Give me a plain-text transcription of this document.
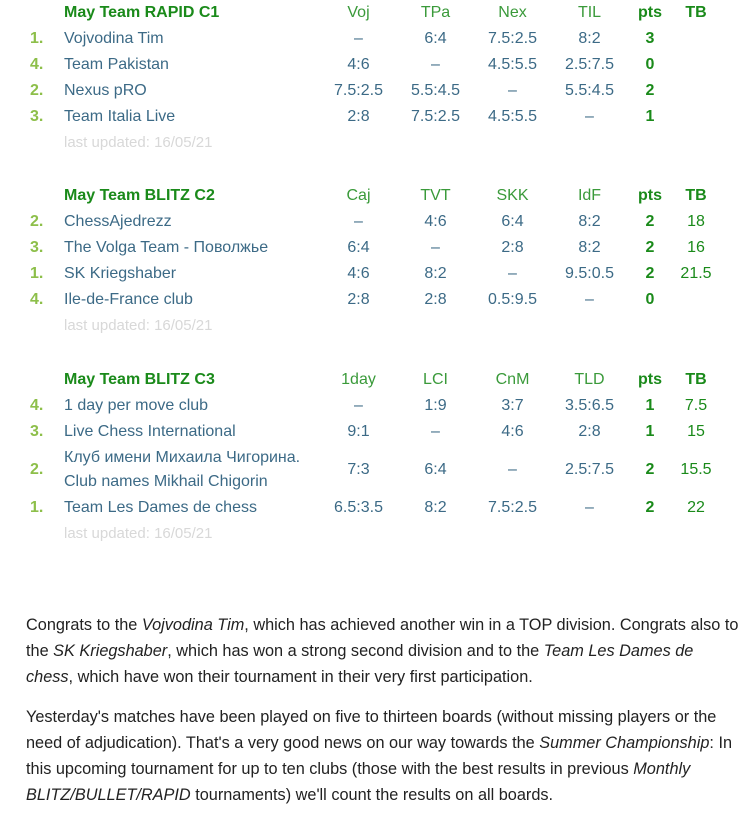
	May Team RAPID C1	Voj	TPa	Nex	TIL	pts	TB
1.	Vojvodina Tim	–	6:4	7.5:2.5	8:2	3	
4.	Team Pakistan	4:6	–	4.5:5.5	2.5:7.5	0	
2.	Nexus pRO	7.5:2.5	5.5:4.5	–	5.5:4.5	2	
3.	Team Italia Live	2:8	7.5:2.5	4.5:5.5	–	1	
	last updated: 16/05/21						
	May Team BLITZ C2	Caj	TVT	SKK	IdF	pts	TB
2.	ChessAjedrezz	–	4:6	6:4	8:2	2	18
3.	The Volga Team - Поволжье	6:4	–	2:8	8:2	2	16
1.	SK Kriegshaber	4:6	8:2	–	9.5:0.5	2	21.5
4.	Ile-de-France club	2:8	2:8	0.5:9.5	–	0	
	last updated: 16/05/21						
	May Team BLITZ C3	1day	LCI	CnM	TLD	pts	TB
4.	1 day per move club	–	1:9	3:7	3.5:6.5	1	7.5
3.	Live Chess International	9:1	–	4:6	2:8	1	15
2.	Клуб имени Михаила Чигорина. Club names Mikhail Chigorin	7:3	6:4	–	2.5:7.5	2	15.5
1.	Team Les Dames de chess	6.5:3.5	8:2	7.5:2.5	–	2	22
	last updated: 16/05/21						

Congrats to the Vojvodina Tim, which has achieved another win in a TOP division. Congrats also to the SK Kriegshaber, which has won a strong second division and to the Team Les Dames de chess, which have won their tournament in their very first participation.

Yesterday's matches have been played on five to thirteen boards (without missing players or the need of adjudication). That's a very good news on our way towards the Summer Championship: In this upcoming tournament for up to ten clubs (those with the best results in previous Monthly BLITZ/BULLET/RAPID tournaments) we'll count the results on all boards.
